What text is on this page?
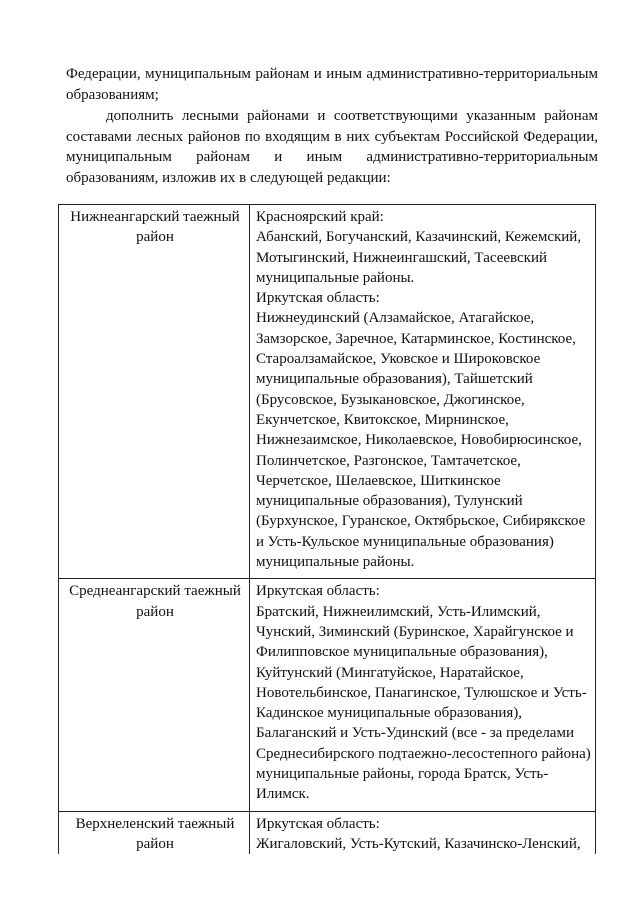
Федерации, муниципальным районам и иным административно-территориальным образованиям;

дополнить лесными районами и соответствующими указанным районам составами лесных районов по входящим в них субъектам Российской Федерации, муниципальным районам и иным административно-территориальным образованиям, изложив их в следующей редакции:

Нижнеангарский таежный район	Красноярский край:
Абанский, Богучанский, Казачинский, Кежемский, Мотыгинский, Нижнеингашский, Тасеевский муниципальные районы.
Иркутская область:
Нижнеудинский (Алзамайское, Атагайское, Замзорское, Заречное, Катарминское, Костинское, Староалзамайское, Уковское и Широковское муниципальные образования), Тайшетский (Брусовское, Бузыкановское, Джогинское, Екунчетское, Квитокское, Мирнинское, Нижнезаимское, Николаевское, Новобирюсинское, Полинчетское, Разгонское, Тамтачетское, Черчетское, Шелаевское, Шиткинское муниципальные образования), Тулунский (Бурхунское, Гуранское, Октябрьское, Сибирякское и Усть-Кульское муниципальные образования) муниципальные районы.

Среднеангарский таежный район	Иркутская область:
Братский, Нижнеилимский, Усть-Илимский, Чунский, Зиминский (Буринское, Харайгунское и Филипповское муниципальные образования), Куйтунский (Мингатуйское, Наратайское, Новотельбинское, Панагинское, Тулюшское и Усть-Кадинское муниципальные образования), Балаганский и Усть-Удинский (все - за пределами Среднесибирского подтаежно-лесостепного района) муниципальные районы, города Братск, Усть-Илимск.

Верхнеленский таежный район	Иркутская область:
Жигаловский, Усть-Кутский, Казачинско-Ленский,
